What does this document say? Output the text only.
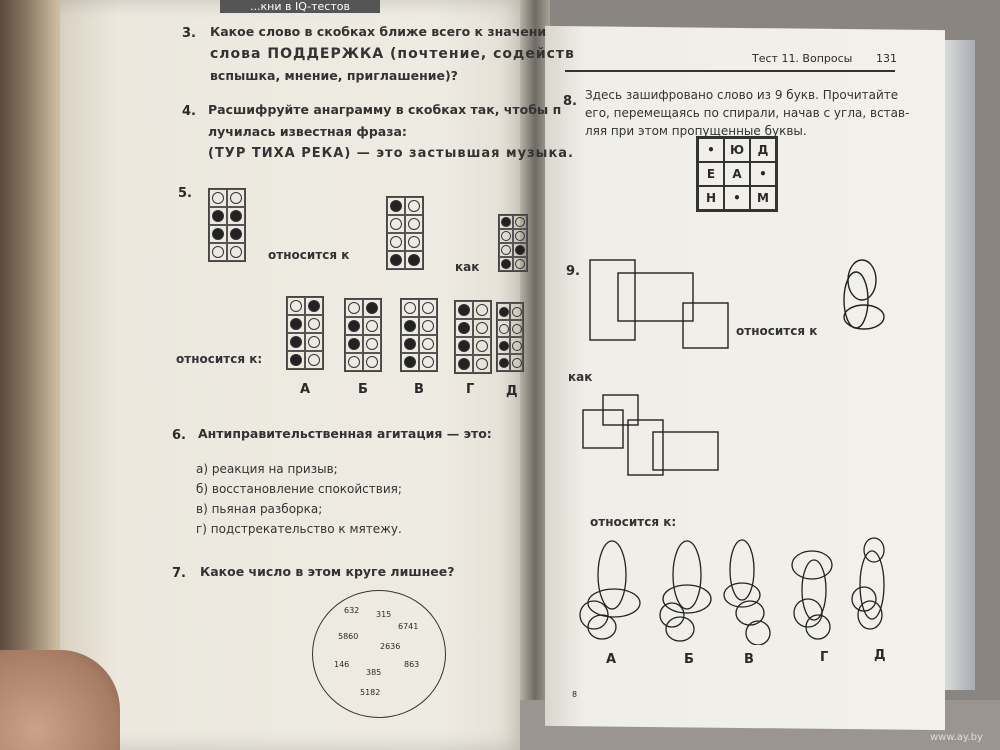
...кни в IQ-тестов
3. Какое слово в скобках ближе всего к значени
слова ПОДДЕРЖКА (почтение, содейств
вспышка, мнение, приглашение)?
4. Расшифруйте анаграмму в скобках так, чтобы п
лучилась известная фраза:
(ТУР ТИХА РЕКА) — это застывшая музыка.
5.
относится к
как
относится к:
А	Б	В	Г Д
6. Антиправительственная агитация — это:
а) реакция на призыв;
б) восстановление спокойствия;
в) пьяная разборка;
г) подстрекательство к мятежу.
7. Какое число в этом круге лишнее?
632 315
6741
5860
2636
146
385
863
5182
Тест 11. Вопросы 131
8. Здесь зашифровано слово из 9 букв. Прочитайте
его, перемещаясь по спирали, начав с угла, встав-
ляя при этом пропущенные буквы.
•	Ю	Д
Е	А	•
Н	•	М
9.
относится к
как
относится к:
А	Б	В	Г	Д
8
www.ay.by
